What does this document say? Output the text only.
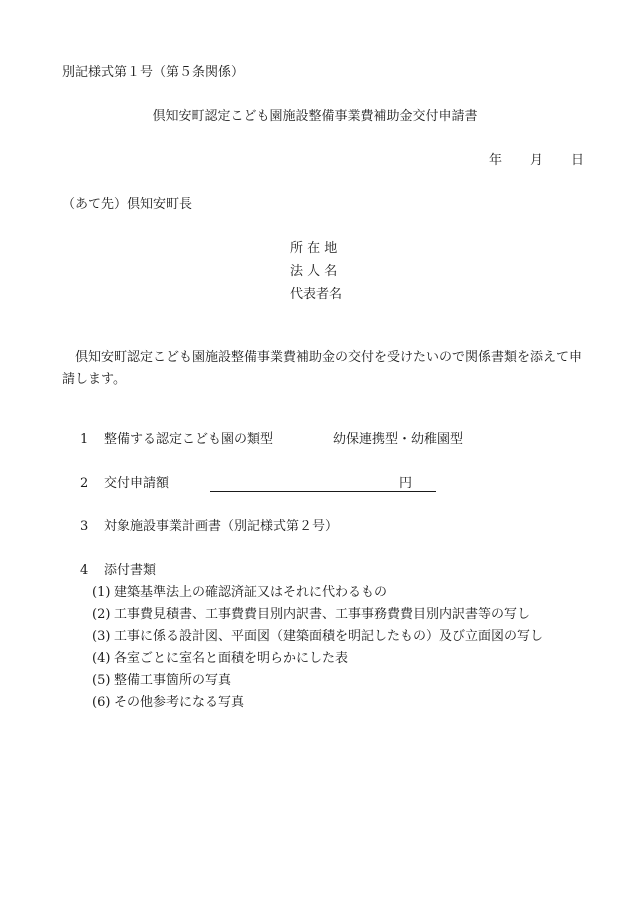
別記様式第１号（第５条関係）
倶知安町認定こども園施設整備事業費補助金交付申請書
年 月 日
（あて先）倶知安町長
所 在 地
法 人 名
代表者名
倶知安町認定こども園施設整備事業費補助金の交付を受けたいので関係書類を添えて申請します。
1 整備する認定こども園の類型	幼保連携型・幼稚園型
2 交付申請額	円
3 対象施設事業計画書（別記様式第２号）
4 添付書類
(1) 建築基準法上の確認済証又はそれに代わるもの
(2) 工事費見積書、工事費費目別内訳書、工事事務費費目別内訳書等の写し
(3) 工事に係る設計図、平面図（建築面積を明記したもの）及び立面図の写し
(4) 各室ごとに室名と面積を明らかにした表
(5) 整備工事箇所の写真
(6) その他参考になる写真
